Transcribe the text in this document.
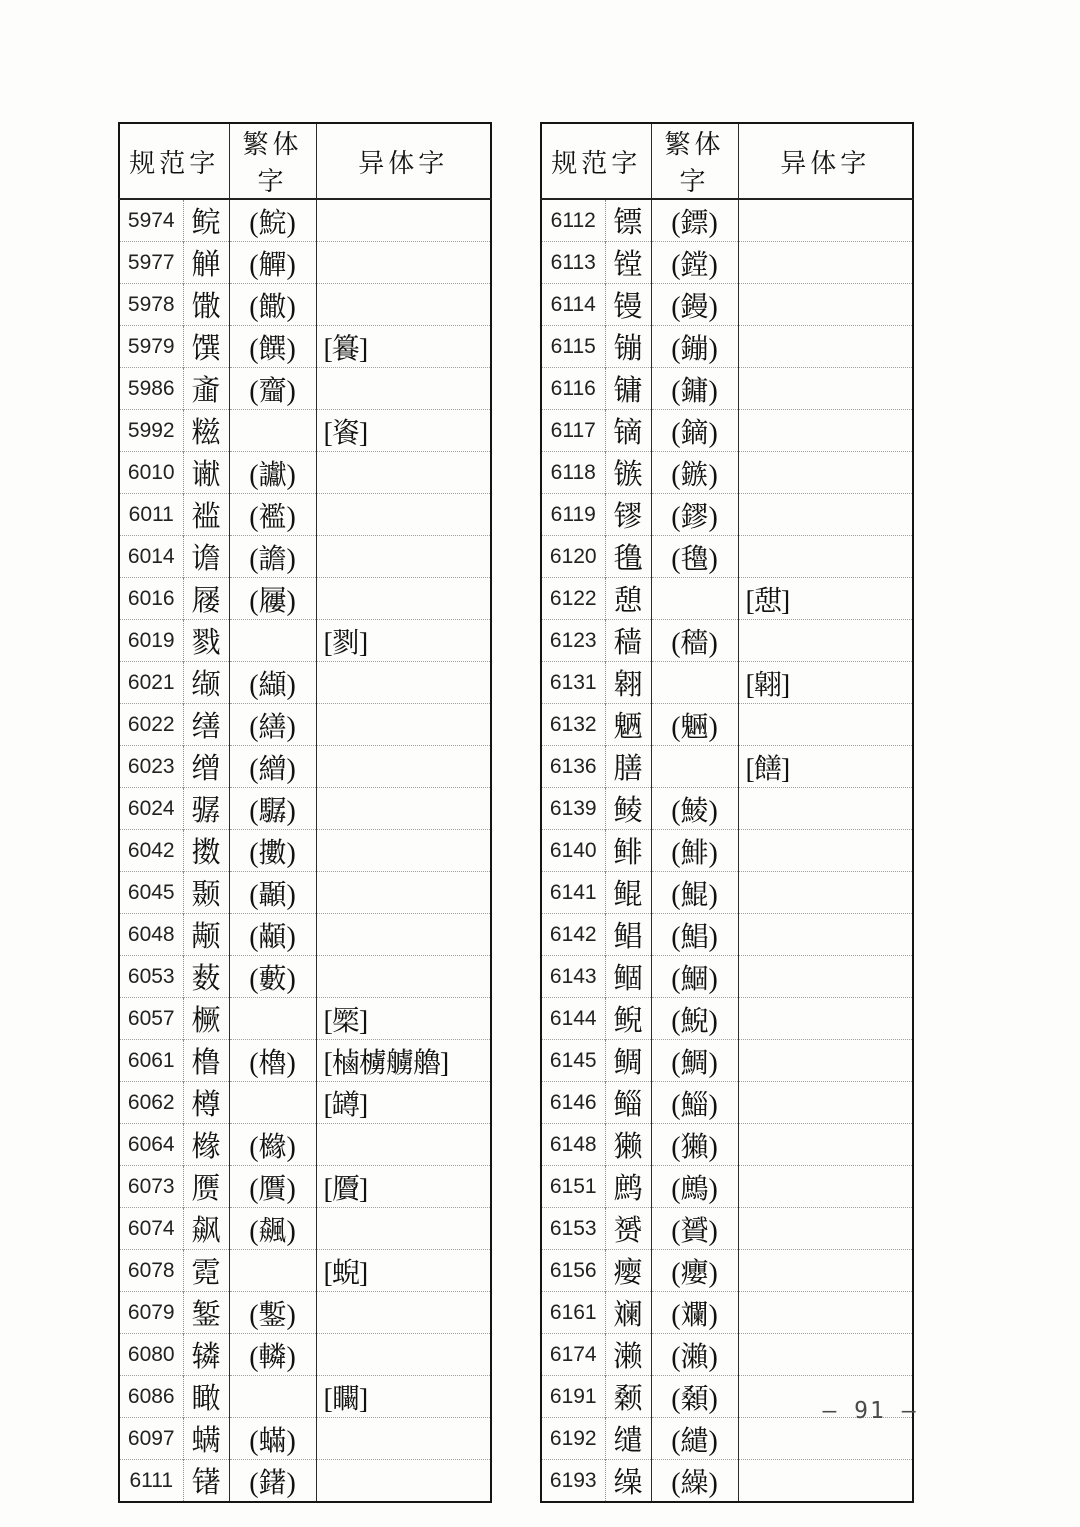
规范字		繁体字	异体字
5974	鲩	(鯇)	
5977	觯	(觶)	
5978	馓	(饊)	
5979	馔	(饌)	[籑]
5986	齑	(齏)	
5992	糍		[餈]
6010	谳	(讞)	
6011	褴	(襤)	
6014	谵	(譫)	
6016	屦	(屨)	
6019	戮		[剹]
6021	缬	(纈)	
6022	缮	(繕)	
6023	缯	(繒)	
6024	骣	(驏)	
6042	擞	(擻)	
6045	颞	(顳)	
6048	颟	(顢)	
6053	薮	(藪)	
6057	橛		[橜]
6061	橹	(櫓)	[樐㯭艣艪]
6062	樽		[罇]
6064	橼	(櫞)	
6073	赝	(贋)	[贗]
6074	飙	(飆)	
6078	霓		[蜺]
6079	錾	(鏨)	
6080	辚	(轔)	
6086	瞰		[矙]
6097	螨	(蟎)	
6111	䦃	(鐯)	
规范字		繁体字	异体字
6112	镖	(鏢)	
6113	镗	(鏜)	
6114	镘	(鏝)	
6115	镚	(鏰)	
6116	镛	(鏞)	
6117	镝	(鏑)	
6118	镞	(鏃)	
6119	镠	(鏐)	
6120	氇	(氌)	
6122	憩		[憇]
6123	穑	(穡)	
6131	翱		[翶]
6132	魉	(魎)	
6136	膳		[饍]
6139	鲮	(鯪)	
6140	鲱	(鯡)	
6141	鲲	(鯤)	
6142	鲳	(鯧)	
6143	鲴	(鯝)	
6144	鲵	(鯢)	
6145	鲷	(鯛)	
6146	鲻	(鯔)	
6148	獭	(獺)	
6151	鹧	(鷓)	
6153	赟	(贇)	
6156	瘿	(癭)	
6161	斓	(斕)	
6174	濑	(瀨)	
6191	颡	(顙)	
6192	缱	(繾)	
6193	缲	(繰)	
— 91 —
